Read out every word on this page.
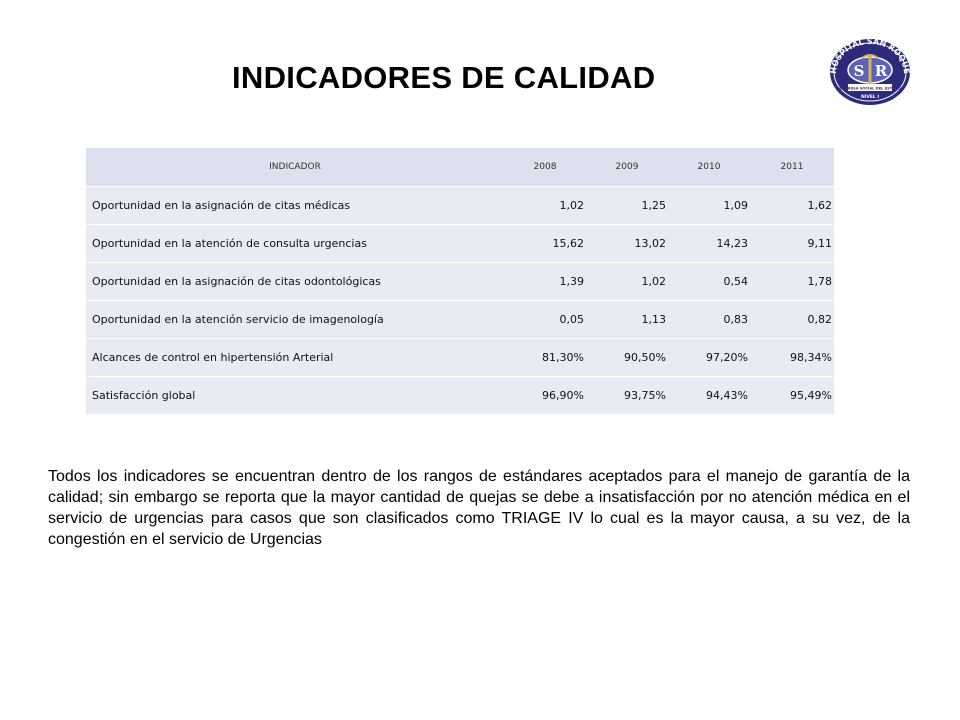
INDICADORES DE CALIDAD	HOSPITAL SAN ROQUE
S R
EMPRESA SOCIAL DEL ESTADO
NIVEL I
INDICADOR	2008	2009	2010	2011
Oportunidad en la asignación de citas médicas	1,02	1,25	1,09	1,62
Oportunidad en la atención de consulta urgencias	15,62	13,02	14,23	9,11
Oportunidad en la asignación de citas odontológicas	1,39	1,02	0,54	1,78
Oportunidad en la atención servicio de imagenología	0,05	1,13	0,83	0,82
Alcances de control en hipertensión Arterial	81,30%	90,50%	97,20%	98,34%
Satisfacción global	96,90%	93,75%	94,43%	95,49%

Todos los indicadores se encuentran dentro de los rangos de estándares aceptados para el manejo de garantía de la calidad; sin embargo se reporta que la mayor cantidad de quejas se debe a insatisfacción por no atención médica en el servicio de urgencias para casos que son clasificados como TRIAGE IV lo cual es la mayor causa, a su vez, de la congestión en el servicio de Urgencias
